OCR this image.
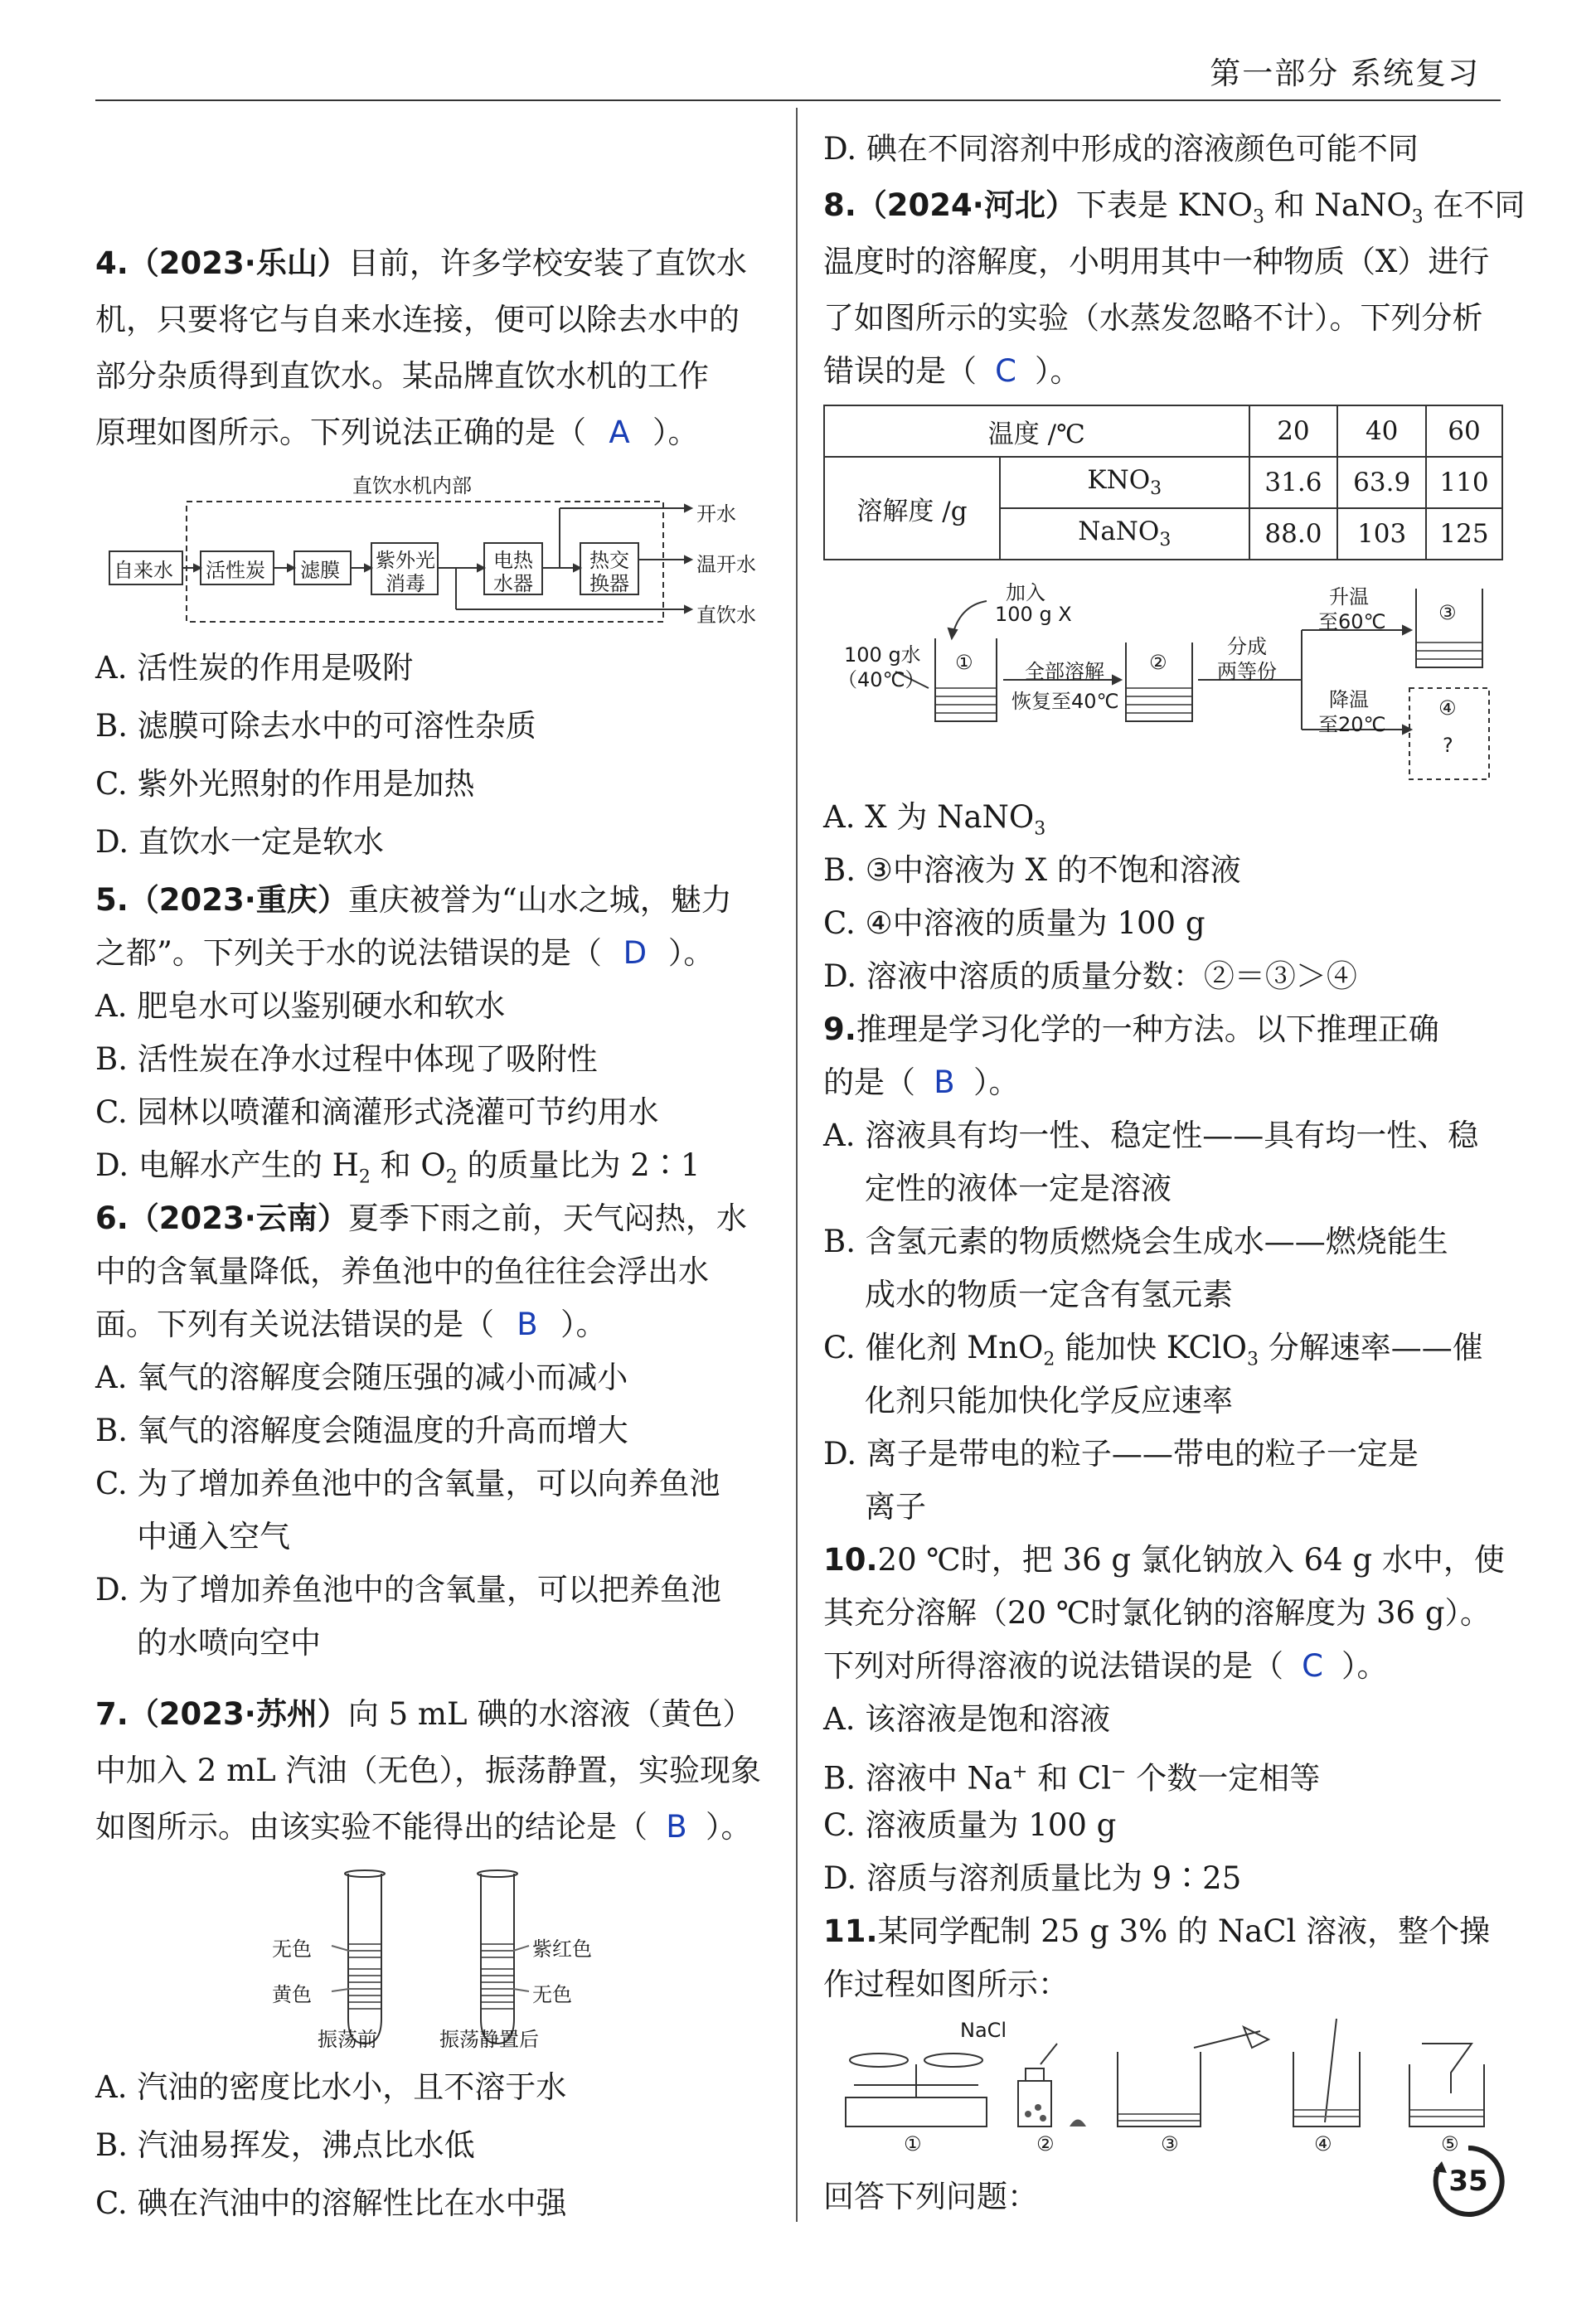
第一部分 系统复习
4.（2023·乐山）目前，许多学校安装了直饮水
机，只要将它与自来水连接，便可以除去水中的
部分杂质得到直饮水。某品牌直饮水机的工作
原理如图所示。下列说法正确的是（ A ）。
直饮水机内部
自来水 活性炭 滤膜 紫外光
消毒
电热
水器
热交
换器
开水
温开水
直饮水
A. 活性炭的作用是吸附
B. 滤膜可除去水中的可溶性杂质
C. 紫外光照射的作用是加热
D. 直饮水一定是软水
5.（2023·重庆）重庆被誉为“山水之城，魅力
之都”。下列关于水的说法错误的是（ D ）。
A. 肥皂水可以鉴别硬水和软水
B. 活性炭在净水过程中体现了吸附性
C. 园林以喷灌和滴灌形式浇灌可节约用水
D. 电解水产生的 $H_2$ 和 $O_2$ 的质量比为 2∶1
6.（2023·云南）夏季下雨之前，天气闷热，水
中的含氧量降低，养鱼池中的鱼往往会浮出水
面。下列有关说法错误的是（ B ）。
A. 氧气的溶解度会随压强的减小而减小
B. 氧气的溶解度会随温度的升高而增大
C. 为了增加养鱼池中的含氧量，可以向养鱼池
中通入空气
D. 为了增加养鱼池中的含氧量，可以把养鱼池
的水喷向空中
7.（2023·苏州）向 5 mL 碘的水溶液（黄色）
中加入 2 mL 汽油（无色），振荡静置，实验现象
如图所示。由该实验不能得出的结论是（ B ）。
无色
黄色
紫红色
无色
振荡前	振荡静置后
A. 汽油的密度比水小，且不溶于水
B. 汽油易挥发，沸点比水低
C. 碘在汽油中的溶解性比在水中强
D. 碘在不同溶剂中形成的溶液颜色可能不同
8.（2024·河北）下表是 $KNO_3$ 和 NaNO$_3$ 在不同
温度时的溶解度，小明用其中一种物质（X）进行
了如图所示的实验（水蒸发忽略不计）。下列分析
错误的是（ C ）。
温度 /℃		20	40	60
溶解度 /g	$KNO_3$	31.6	63.9	110
	NaNO$_3$	88.0	103	125
加入
100 g X
100 g水
（40℃）
①	全部溶解
恢复至40℃
②
分成
两等份
升温
至60℃	③
降温
至20℃
④
?
A. X 为 NaNO$_3$
B. ③中溶液为 X 的不饱和溶液
C. ④中溶液的质量为 100 g
D. 溶液中溶质的质量分数：②＝③＞④
9.推理是学习化学的一种方法。以下推理正确
的是（ B ）。
A. 溶液具有均一性、稳定性——具有均一性、稳
定性的液体一定是溶液
B. 含氢元素的物质燃烧会生成水——燃烧能生
成水的物质一定含有氢元素
C. 催化剂 MnO$_2$ 能加快 KClO$_3$ 分解速率——催
化剂只能加快化学反应速率
D. 离子是带电的粒子——带电的粒子一定是
离子
10.20 ℃时，把 36 g 氯化钠放入 64 g 水中，使
其充分溶解（20 ℃时氯化钠的溶解度为 36 g）。
下列对所得溶液的说法错误的是（ C ）。
A. 该溶液是饱和溶液
B. 溶液中 Na+ 和 Cl− 个数一定相等
C. 溶液质量为 100 g
D. 溶质与溶剂质量比为 9∶25
11.某同学配制 25 g 3% 的 NaCl 溶液，整个操
作过程如图所示：
NaCl
①	②	③	④	⑤
回答下列问题：	35
